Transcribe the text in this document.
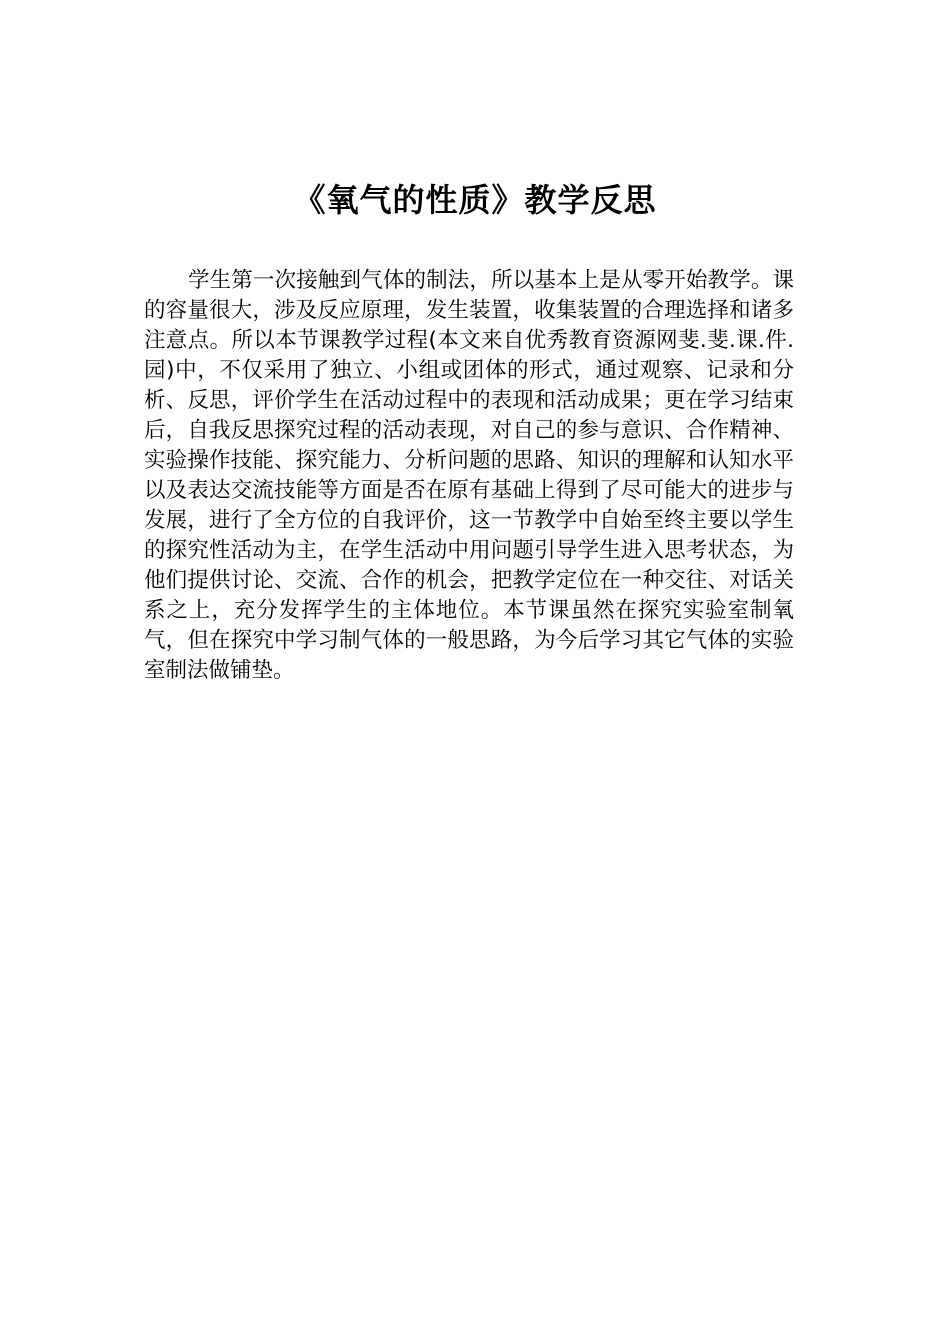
《氧气的性质》教学反思

学生第一次接触到气体的制法，所以基本上是从零开始教学。课的容量很大，涉及反应原理，发生装置，收集装置的合理选择和诸多注意点。所以本节课教学过程(本文来自优秀教育资源网斐.斐.课.件.园)中，不仅采用了独立、小组或团体的形式，通过观察、记录和分析、反思，评价学生在活动过程中的表现和活动成果；更在学习结束后，自我反思探究过程的活动表现，对自己的参与意识、合作精神、实验操作技能、探究能力、分析问题的思路、知识的理解和认知水平以及表达交流技能等方面是否在原有基础上得到了尽可能大的进步与发展，进行了全方位的自我评价，这一节教学中自始至终主要以学生的探究性活动为主，在学生活动中用问题引导学生进入思考状态，为他们提供讨论、交流、合作的机会，把教学定位在一种交往、对话关系之上，充分发挥学生的主体地位。本节课虽然在探究实验室制氧气，但在探究中学习制气体的一般思路，为今后学习其它气体的实验室制法做铺垫。
